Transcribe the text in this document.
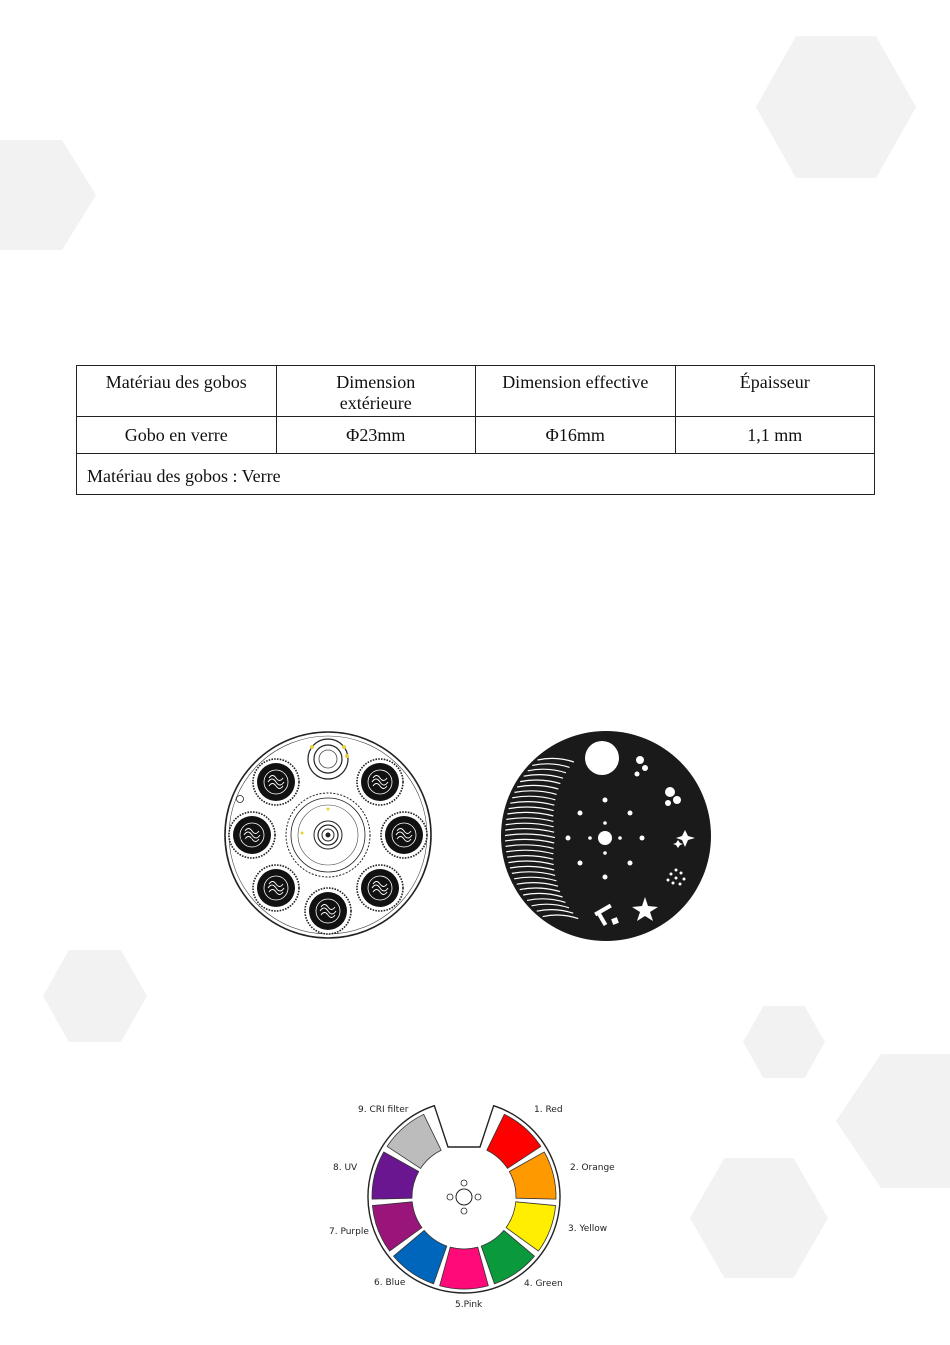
Matériau des gobos	Dimension extérieure	Dimension effective	Épaisseur
Gobo en verre	Φ23mm	Φ16mm	1,1 mm
Matériau des gobos : Verre			
1. Red
2. Orange
3. Yellow
4. Green
5.Pink
6. Blue
7. Purple
8. UV
9. CRI filter
